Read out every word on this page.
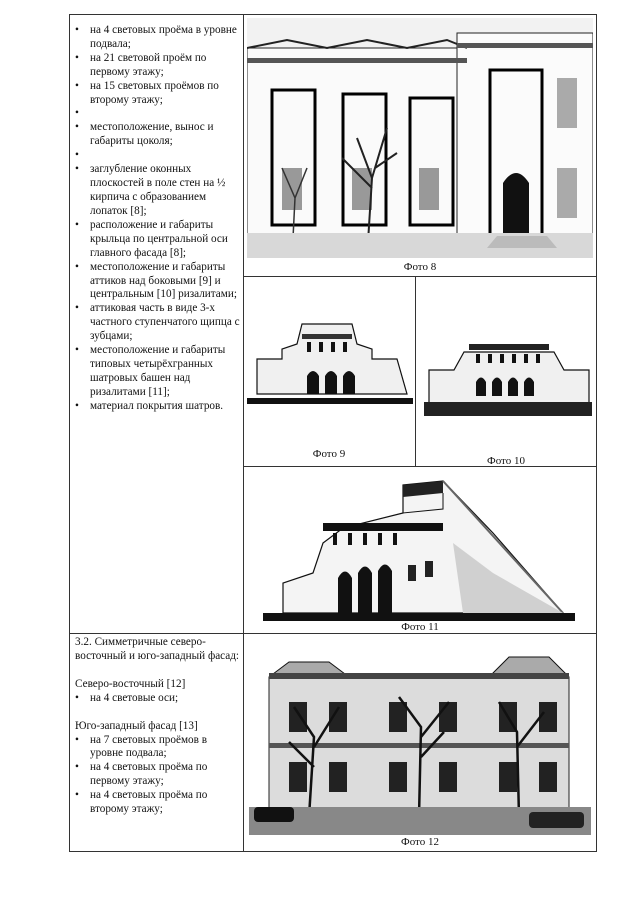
• на 4 световых проёма в уровне подвала;
• на 21 световой проём по первому этажу;
• на 15 световых проёмов по второму этажу;
•
• местоположение, вынос и габариты цоколя;
•
• заглубление оконных плоскостей в поле стен на ½ кирпича с образованием лопаток [8];
• расположение и габариты крыльца по центральной оси главного фасада [8];
• местоположение и габариты аттиков над боковыми [9] и центральным [10] ризалитами;
• аттиковая часть в виде 3-х частного ступенчатого щипца с зубцами;
• местоположение и габариты типовых четырёхгранных шатровых башен над ризалитами [11];
• материал покрытия шатров.
Фото 8
Фото 9
Фото 10
Фото 11

3.2. Симметричные северо-восточный и юго-западный фасад:

Северо-восточный [12]

• на 4 световые оси;

Юго-западный фасад [13]

• на 7 световых проёмов в уровне подвала;
• на 4 световых проёма по первому этажу;
• на 4 световых проёма по второму этажу;
Фото 12
